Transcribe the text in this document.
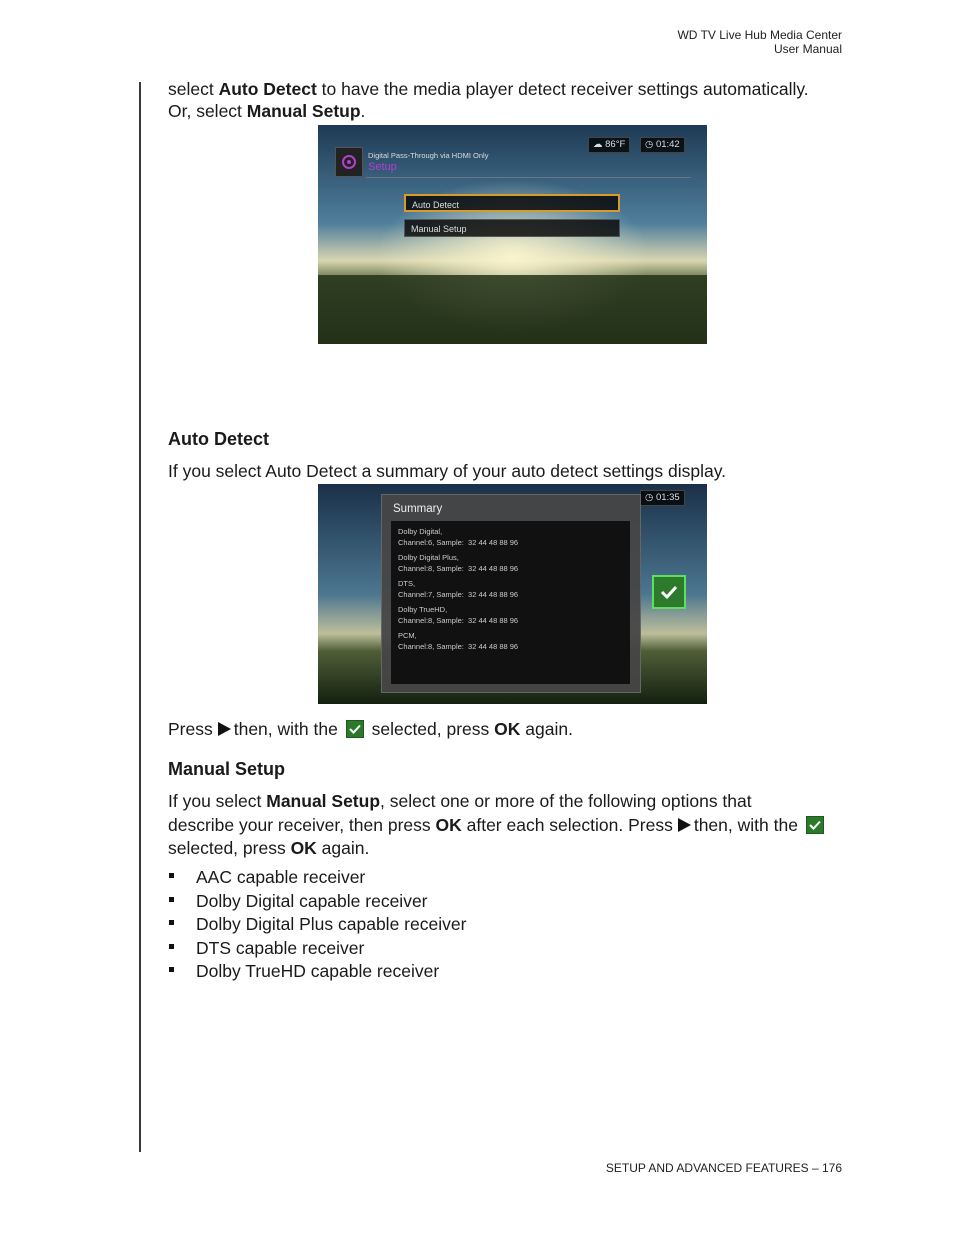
WD TV Live Hub Media Center
User Manual
select Auto Detect to have the media player detect receiver settings automatically.
Or, select Manual Setup.
☁ 86°F	◷ 01:42
Digital Pass-Through via HDMI Only
Setup
Auto Detect
Manual Setup
Auto Detect
If you select Auto Detect a summary of your auto detect settings display.
◷ 01:35
Summary
Dolby Digital,
Channel:6, Sample: 32 44 48 88 96
Dolby Digital Plus,
Channel:8, Sample: 32 44 48 88 96
DTS,
Channel:7, Sample: 32 44 48 88 96
Dolby TrueHD,
Channel:8, Sample: 32 44 48 88 96
PCM,
Channel:8, Sample: 32 44 48 88 96
Press then, with the selected, press OK again.
Manual Setup
If you select Manual Setup, select one or more of the following options that
describe your receiver, then press OK after each selection. Press then, with the

selected, press OK again.
AAC capable receiver
Dolby Digital capable receiver
Dolby Digital Plus capable receiver
DTS capable receiver
Dolby TrueHD capable receiver
SETUP AND ADVANCED FEATURES – 176
